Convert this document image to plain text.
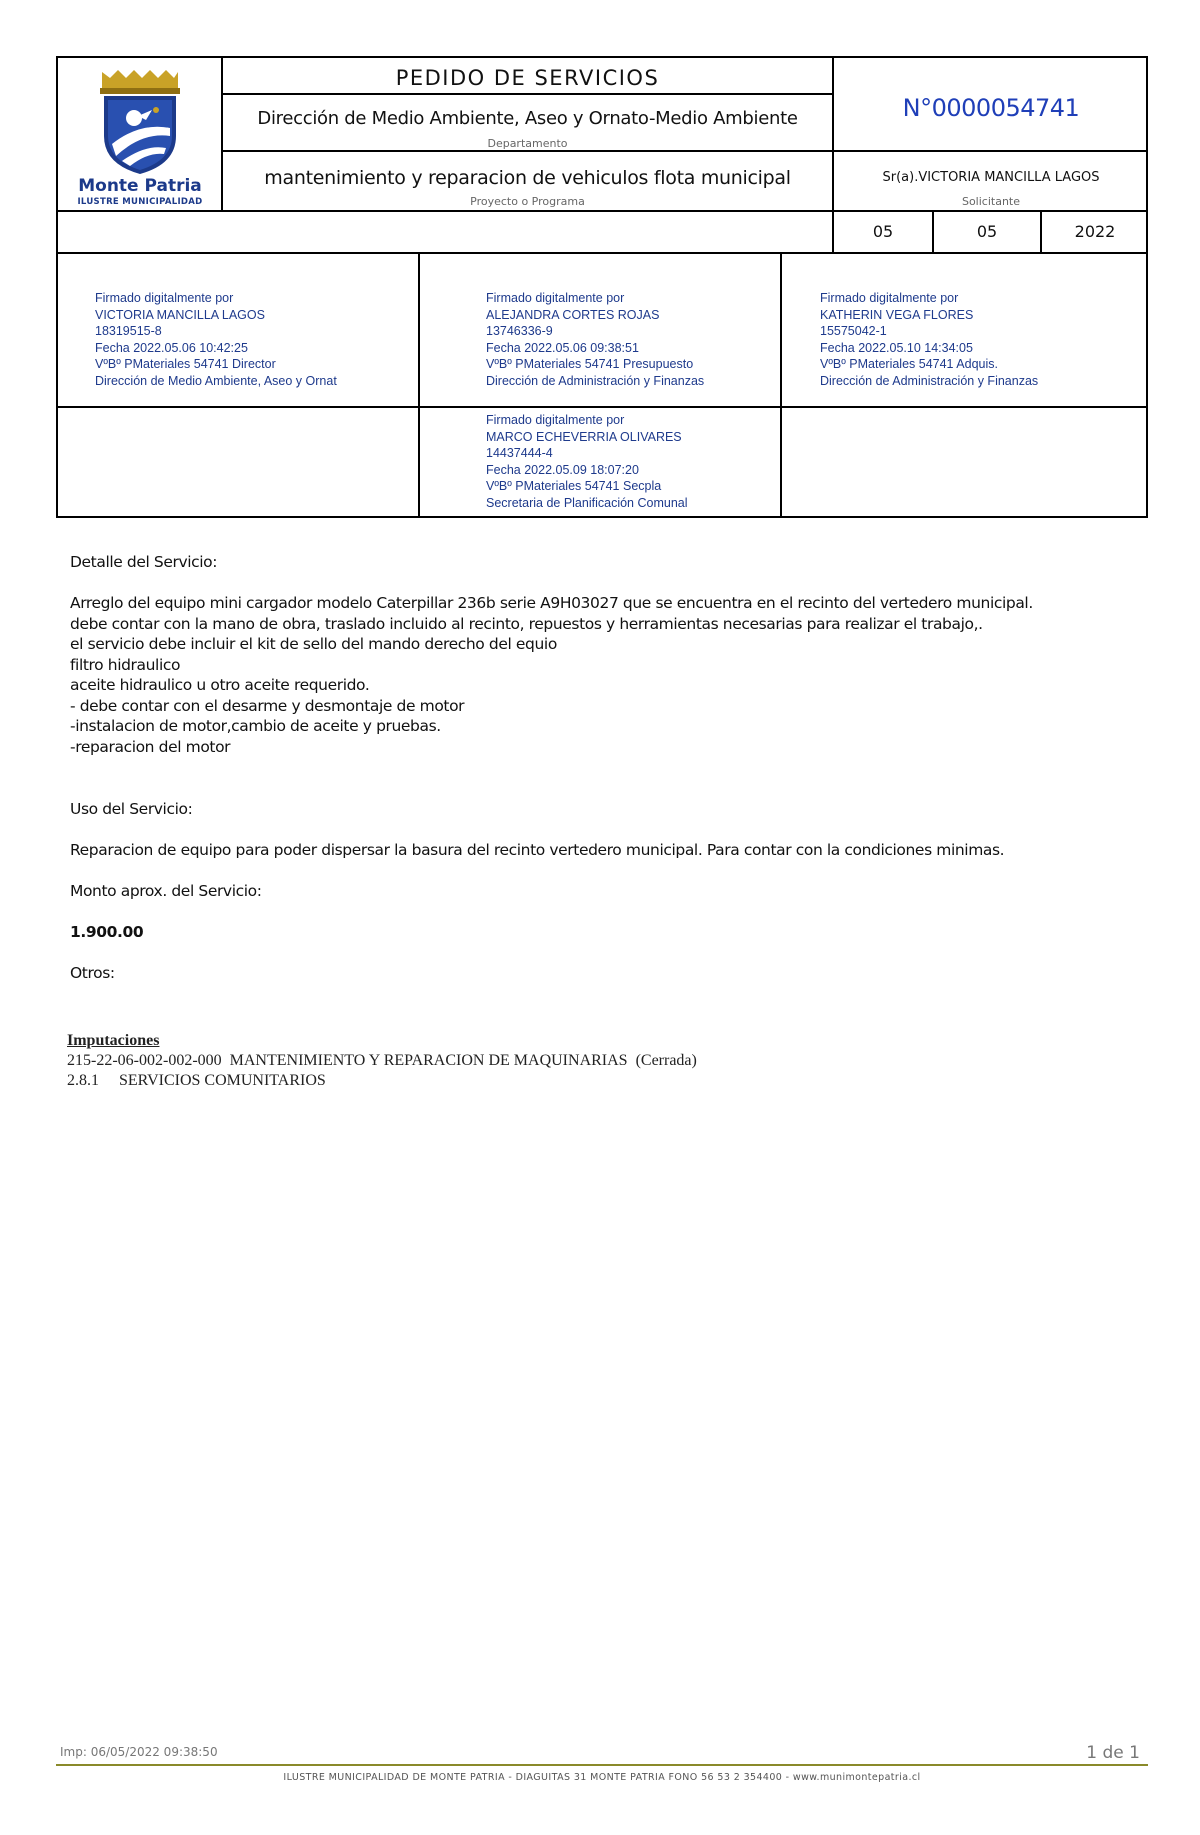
Monte Patria
ILUSTRE MUNICIPALIDAD
PEDIDO DE SERVICIOS
Dirección de Medio Ambiente, Aseo y Ornato-Medio Ambiente
Departamento
mantenimiento y reparacion de vehiculos flota municipal
Proyecto o Programa
N°0000054741
Sr(a).VICTORIA MANCILLA LAGOS
Solicitante
05	05	2022
Firmado digitalmente por
VICTORIA MANCILLA LAGOS
18319515-8
Fecha 2022.05.06 10:42:25
VºBº PMateriales 54741 Director
Dirección de Medio Ambiente, Aseo y Ornat
Firmado digitalmente por
ALEJANDRA CORTES ROJAS
13746336-9
Fecha 2022.05.06 09:38:51
VºBº PMateriales 54741 Presupuesto
Dirección de Administración y Finanzas
Firmado digitalmente por
KATHERIN VEGA FLORES
15575042-1
Fecha 2022.05.10 14:34:05
VºBº PMateriales 54741 Adquis.
Dirección de Administración y Finanzas
Firmado digitalmente por
MARCO ECHEVERRIA OLIVARES
14437444-4
Fecha 2022.05.09 18:07:20
VºBº PMateriales 54741 Secpla
Secretaria de Planificación Comunal
Detalle del Servicio:
Arreglo del equipo mini cargador modelo Caterpillar 236b serie A9H03027 que se encuentra en el recinto del vertedero municipal.
debe contar con la mano de obra, traslado incluido al recinto, repuestos y herramientas necesarias para realizar el trabajo,.
el servicio debe incluir el kit de sello del mando derecho del equio
filtro hidraulico
aceite hidraulico u otro aceite requerido.
- debe contar con el desarme y desmontaje de motor
-instalacion de motor,cambio de aceite y pruebas.
-reparacion del motor
Uso del Servicio:
Reparacion de equipo para poder dispersar la basura del recinto vertedero municipal. Para contar con la condiciones minimas.
Monto aprox. del Servicio:
1.900.00
Otros:
Imputaciones
215-22-06-002-002-000  MANTENIMIENTO Y REPARACION DE MAQUINARIAS  (Cerrada)
2.8.1     SERVICIOS COMUNITARIOS
Imp: 06/05/2022 09:38:50	1 de 1
ILUSTRE MUNICIPALIDAD DE MONTE PATRIA - DIAGUITAS 31 MONTE PATRIA FONO 56 53 2 354400 - www.munimontepatria.cl
